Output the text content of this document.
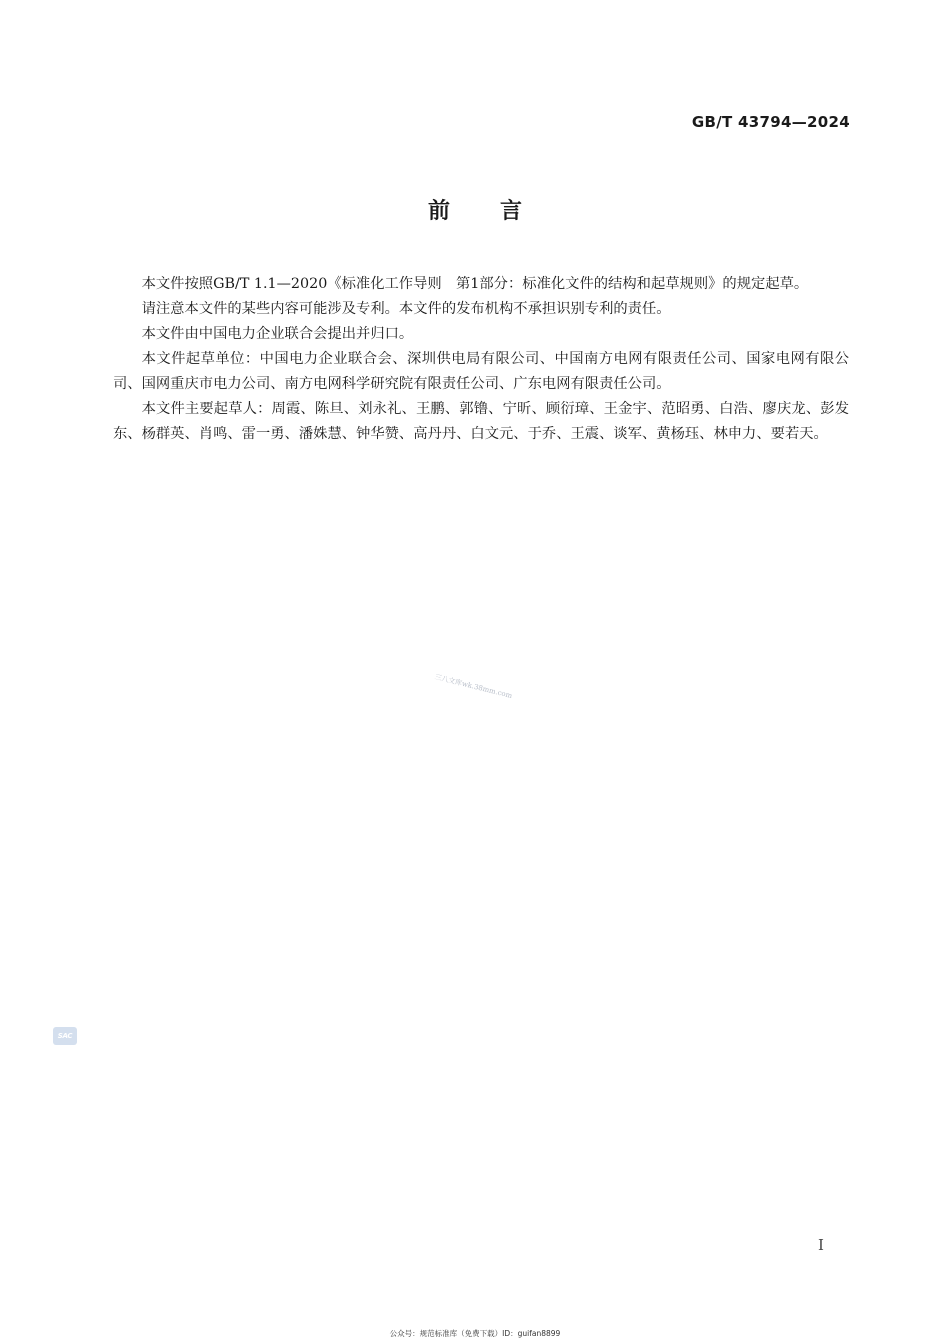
GB/T 43794—2024
前言

本文件按照GB/T 1.1—2020《标准化工作导则　第1部分：标准化文件的结构和起草规则》的规定起草。

请注意本文件的某些内容可能涉及专利。本文件的发布机构不承担识别专利的责任。

本文件由中国电力企业联合会提出并归口。

本文件起草单位：中国电力企业联合会、深圳供电局有限公司、中国南方电网有限责任公司、国家电网有限公司、国网重庆市电力公司、南方电网科学研究院有限责任公司、广东电网有限责任公司。

本文件主要起草人：周霞、陈旦、刘永礼、王鹏、郭镥、宁昕、顾衍璋、王金宇、范昭勇、白浩、廖庆龙、彭发东、杨群英、肖鸣、雷一勇、潘姝慧、钟华赞、高丹丹、白文元、于乔、王震、谈军、黄杨珏、林申力、要若天。

三八文库wk.38mm.com
SAC
I
公众号：规范标准库（免费下载）ID：guifan8899
